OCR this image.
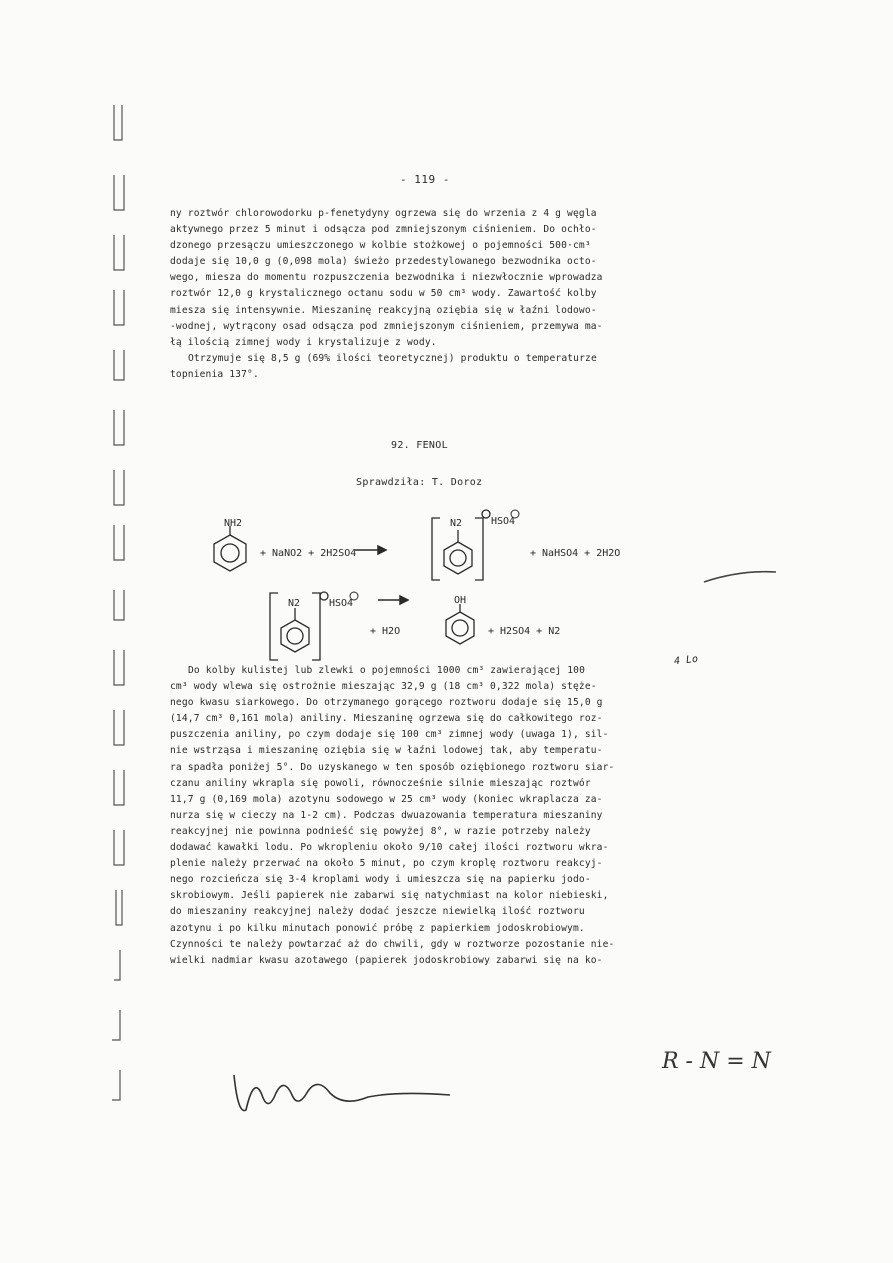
- 119 -
ny roztwór chlorowodorku p-fenetydyny ogrzewa się do wrzenia z 4 g węgla
aktywnego przez 5 minut i odsącza pod zmniejszonym ciśnieniem. Do ochło-
dzonego przesączu umieszczonego w kolbie stożkowej o pojemności 500·cm³
dodaje się 10,0 g (0,098 mola) świeżo przedestylowanego bezwodnika octo-
wego, miesza do momentu rozpuszczenia bezwodnika i niezwłocznie wprowadza
roztwór 12,0 g krystalicznego octanu sodu w 50 cm³ wody. Zawartość kolby
miesza się intensywnie. Mieszaninę reakcyjną oziębia się w łaźni lodowo-
-wodnej, wytrącony osad odsącza pod zmniejszonym ciśnieniem, przemywa ma-
łą ilością zimnej wody i krystalizuje z wody.
Otrzymuje się 8,5 g (69% ilości teoretycznej) produktu o temperaturze
topnienia 137°.
92. FENOL
Sprawdziła: T. Doroz
NH2
+ NaNO2 + 2H2SO4
N2	HSO4
+ NaHSO4 + 2H2O
N2	HSO4
+ H2O
OH
+ H2SO4 + N2
4 Lo
Do kolby kulistej lub zlewki o pojemności 1000 cm³ zawierającej 100
cm³ wody wlewa się ostrożnie mieszając 32,9 g (18 cm³ 0,322 mola) stęże-
nego kwasu siarkowego. Do otrzymanego gorącego roztworu dodaje się 15,0 g
(14,7 cm³ 0,161 mola) aniliny. Mieszaninę ogrzewa się do całkowitego roz-
puszczenia aniliny, po czym dodaje się 100 cm³ zimnej wody (uwaga 1), sil-
nie wstrząsa i mieszaninę oziębia się w łaźni lodowej tak, aby temperatu-
ra spadła poniżej 5°. Do uzyskanego w ten sposób oziębionego roztworu siar-
czanu aniliny wkrapla się powoli, równocześnie silnie mieszając roztwór
11,7 g (0,169 mola) azotynu sodowego w 25 cm³ wody (koniec wkraplacza za-
nurza się w cieczy na 1-2 cm). Podczas dwuazowania temperatura mieszaniny
reakcyjnej nie powinna podnieść się powyżej 8°, w razie potrzeby należy
dodawać kawałki lodu. Po wkropleniu około 9/10 całej ilości roztworu wkra-
plenie należy przerwać na około 5 minut, po czym kroplę roztworu reakcyj-
nego rozcieńcza się 3-4 kroplami wody i umieszcza się na papierku jodo-
skrobiowym. Jeśli papierek nie zabarwi się natychmiast na kolor niebieski,
do mieszaniny reakcyjnej należy dodać jeszcze niewielką ilość roztworu
azotynu i po kilku minutach ponowić próbę z papierkiem jodoskrobiowym.
Czynności te należy powtarzać aż do chwili, gdy w roztworze pozostanie nie-
wielki nadmiar kwasu azotawego (papierek jodoskrobiowy zabarwi się na ko-
R - N = N
